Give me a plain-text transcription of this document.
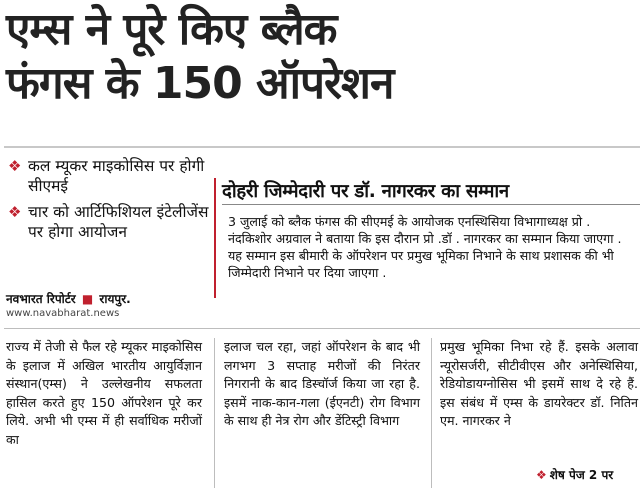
एम्स ने पूरे किए ब्लैक
फंगस के 150 ऑपरेशन
❖ कल म्यूकर माइकोसिस पर होगी सीएमई
❖ चार को आर्टिफिशियल इंटेलीजेंस पर होगा आयोजन
नवभारत रिपोर्टर ■ रायपुर.
www.navabharat.news
दोहरी जिम्मेदारी पर डॉ. नागरकर का सम्मान
3 जुलाई को ब्लैक फंगस की सीएमई के आयोजक एनस्थिसिया विभागाध्यक्ष प्रो . नंदकिशोर अग्रवाल ने बताया कि इस दौरान प्रो .डॉ . नागरकर का सम्मान किया जाएगा . यह सम्मान इस बीमारी के ऑपरेशन पर प्रमुख भूमिका निभाने के साथ प्रशासक की भी जिम्मेदारी निभाने पर दिया जाएगा .
राज्य में तेजी से फैल रहे म्यूकर माइकोसिस के इलाज में अखिल भारतीय आयुर्विज्ञान संस्थान(एम्स) ने उल्लेखनीय सफलता हासिल करते हुए 150 ऑपरेशन पूरे कर लिये. अभी भी एम्स में ही सर्वाधिक मरीजों का
इलाज चल रहा, जहां ऑपरेशन के बाद भी लगभग 3 सप्ताह मरीजों की निरंतर निगरानी के बाद डिस्चॉर्ज किया जा रहा है. इसमें नाक-कान-गला (ईएनटी) रोग विभाग के साथ ही नेत्र रोग और डेंटिस्ट्री विभाग
प्रमुख भूमिका निभा रहे हैं. इसके अलावा न्यूरोसर्जरी, सीटीवीएस और अनेस्थिसिया, रेडियोडायग्नोसिस भी इसमें साथ दे रहे हैं. इस संबंध में एम्स के डायरेक्टर डॉ. नितिन एम. नागरकर ने
❖ शेष पेज 2 पर
